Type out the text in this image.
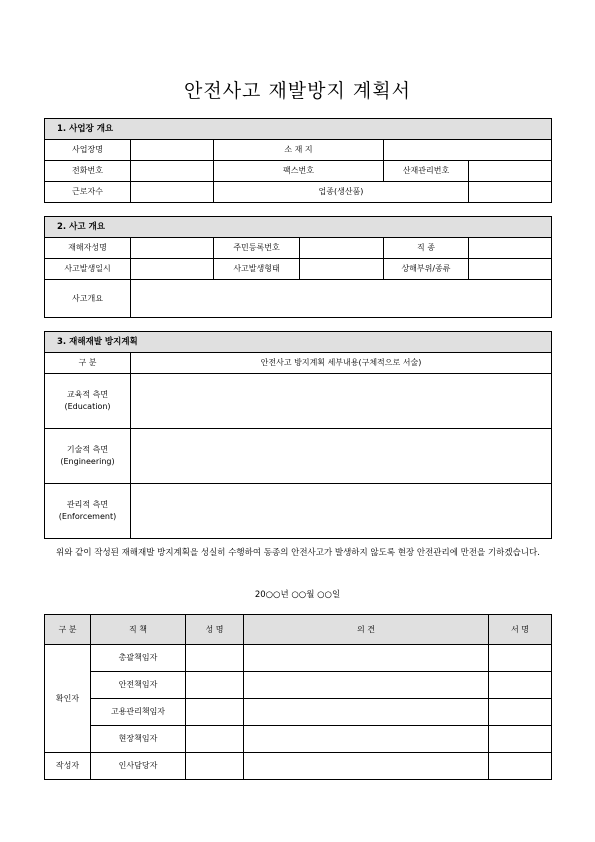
안전사고 재발방지 계획서
1. 사업장 개요				
사업장명		소 재 지		
전화번호		팩스번호	산재관리번호	
근로자수		업종(생산품)		
2. 사고 개요					
재해자성명		주민등록번호		직 종	
사고발생일시		사고발생형태		상해부위/종류	
사고개요					
3. 재해재발 방지계획	
구 분	안전사고 방지계획 세부내용(구체적으로 서술)

교육적 측면
(Education)	

기술적 측면
(Engineering)	

관리적 측면
(Enforcement)	

위와 같이 작성된 재해재발 방지계획을 성실히 수행하여 동종의 안전사고가 발생하지 않도록 현장 안전관리에 만전을 기하겠습니다.
20○○년 ○○월 ○○일
구 분	직 책	성 명	의 견	서 명
확인자	총괄책임자			
	안전책임자			
	고용관리책임자			
	현장책임자			
작성자	인사담당자			
